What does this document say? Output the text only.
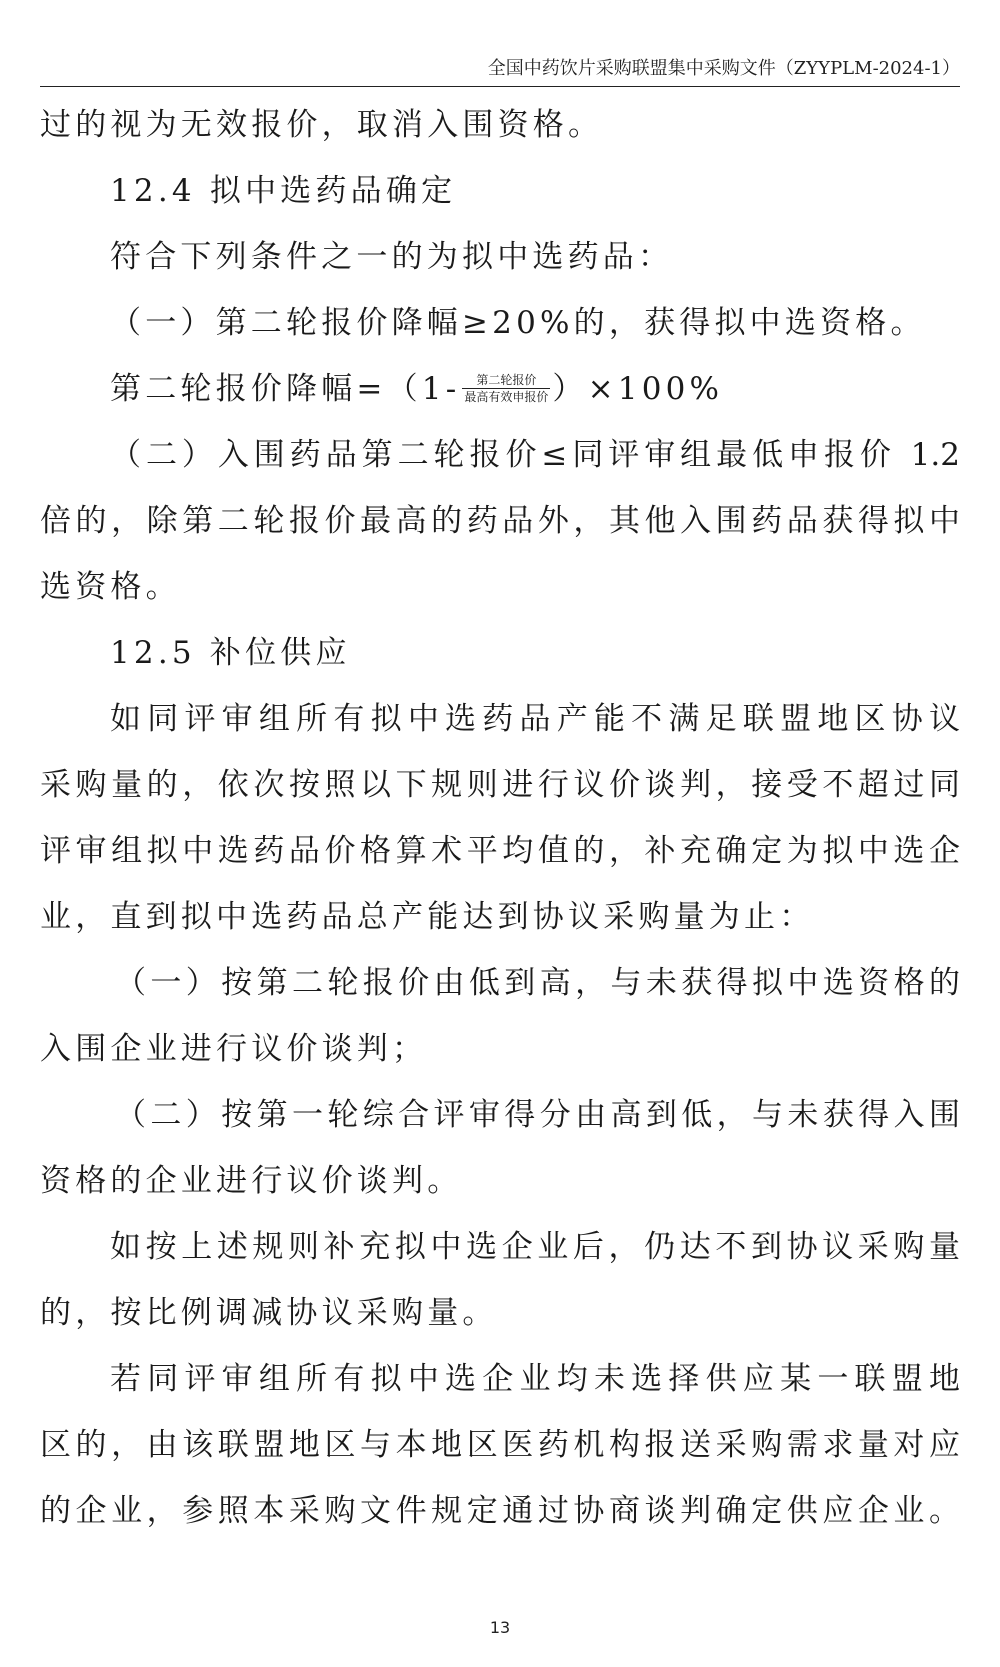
全国中药饮片采购联盟集中采购文件（ZYYPLM-2024-1）
过的视为无效报价，取消入围资格。
12.4 拟中选药品确定
符合下列条件之一的为拟中选药品：
（一）第二轮报价降幅≥20%的，获得拟中选资格。
第二轮报价降幅$=(1- \frac{\text{第二轮报价}}{\text{最高有效申报价}} )\times 100\%$
（二）入围药品第二轮报价≤同评审组最低申报价 1.2
倍的，除第二轮报价最高的药品外，其他入围药品获得拟中
选资格。
12.5 补位供应
如同评审组所有拟中选药品产能不满足联盟地区协议
采购量的，依次按照以下规则进行议价谈判，接受不超过同
评审组拟中选药品价格算术平均值的，补充确定为拟中选企
业，直到拟中选药品总产能达到协议采购量为止：
（一）按第二轮报价由低到高，与未获得拟中选资格的
入围企业进行议价谈判；
（二）按第一轮综合评审得分由高到低，与未获得入围
资格的企业进行议价谈判。
如按上述规则补充拟中选企业后，仍达不到协议采购量
的，按比例调减协议采购量。
若同评审组所有拟中选企业均未选择供应某一联盟地
区的，由该联盟地区与本地区医药机构报送采购需求量对应
的企业，参照本采购文件规定通过协商谈判确定供应企业。
13
